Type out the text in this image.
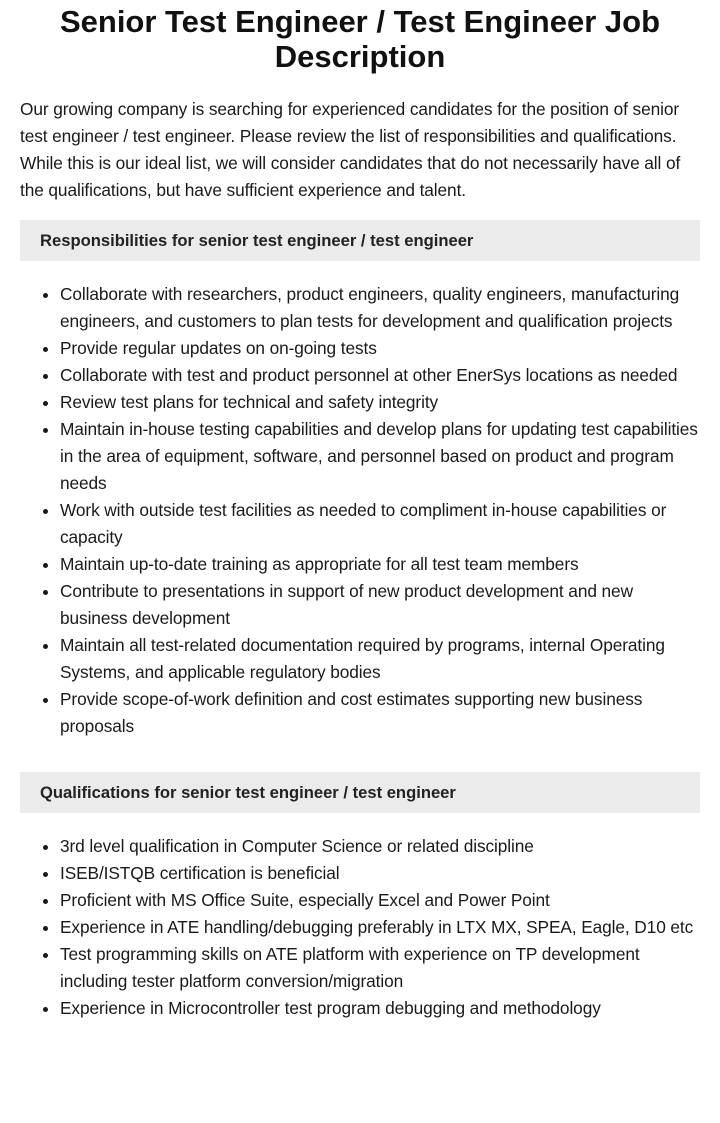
Senior Test Engineer / Test Engineer Job Description

Our growing company is searching for experienced candidates for the position of senior test engineer / test engineer. Please review the list of responsibilities and qualifications. While this is our ideal list, we will consider candidates that do not necessarily have all of the qualifications, but have sufficient experience and talent.

Responsibilities for senior test engineer / test engineer
• Collaborate with researchers, product engineers, quality engineers, manufacturing engineers, and customers to plan tests for development and qualification projects
• Provide regular updates on on-going tests
• Collaborate with test and product personnel at other EnerSys locations as needed
• Review test plans for technical and safety integrity
• Maintain in-house testing capabilities and develop plans for updating test capabilities in the area of equipment, software, and personnel based on product and program needs
• Work with outside test facilities as needed to compliment in-house capabilities or capacity
• Maintain up-to-date training as appropriate for all test team members
• Contribute to presentations in support of new product development and new business development
• Maintain all test-related documentation required by programs, internal Operating Systems, and applicable regulatory bodies
• Provide scope-of-work definition and cost estimates supporting new business proposals
Qualifications for senior test engineer / test engineer
• 3rd level qualification in Computer Science or related discipline
• ISEB/ISTQB certification is beneficial
• Proficient with MS Office Suite, especially Excel and Power Point
• Experience in ATE handling/debugging preferably in LTX MX, SPEA, Eagle, D10 etc
• Test programming skills on ATE platform with experience on TP development including tester platform conversion/migration
• Experience in Microcontroller test program debugging and methodology
